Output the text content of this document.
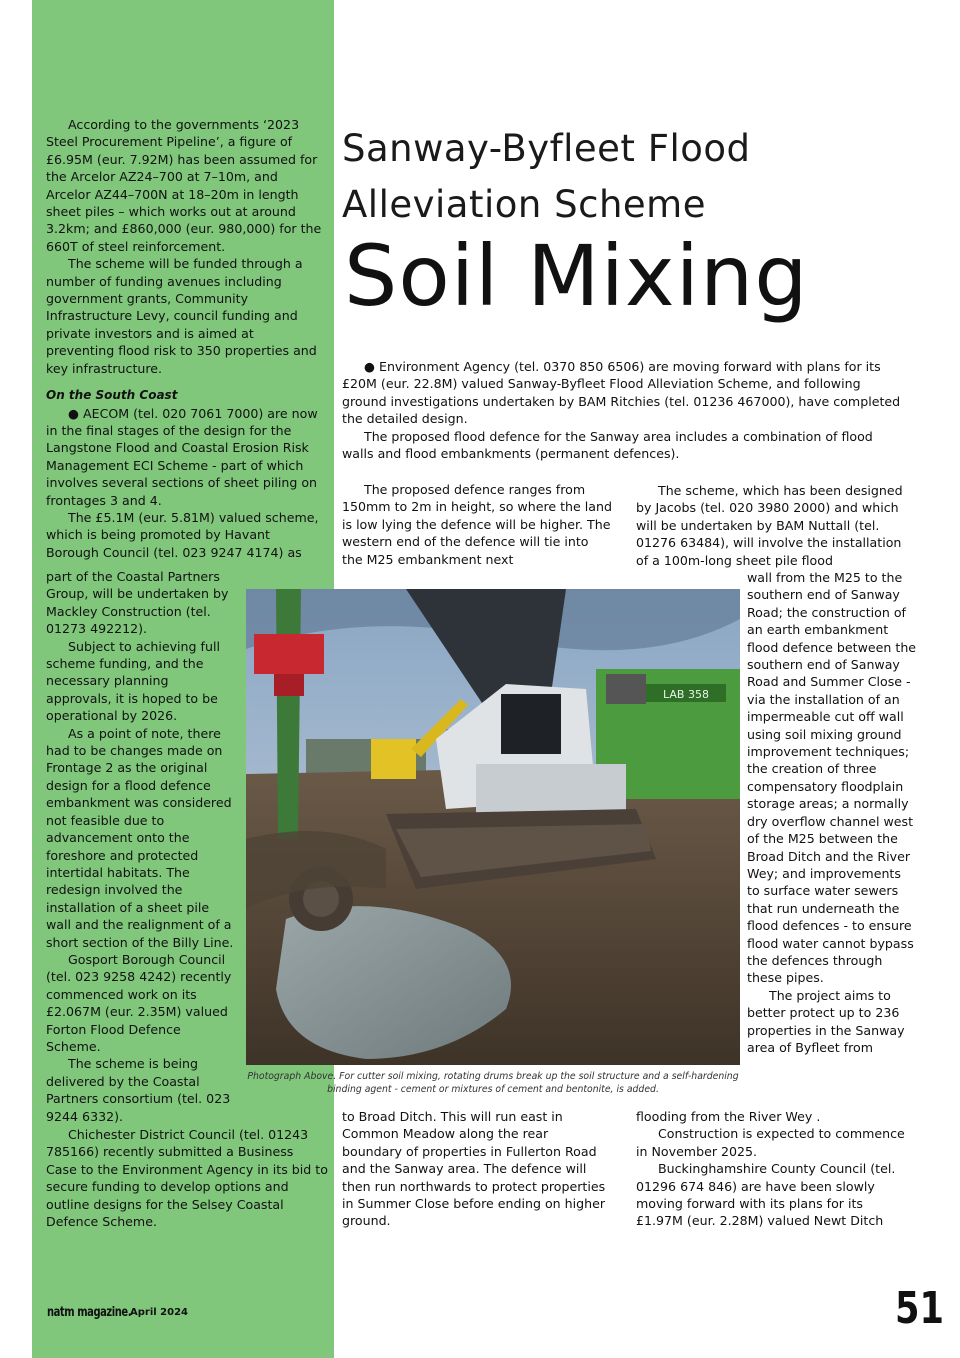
According to the governments ‘2023 Steel Procurement Pipeline’, a figure of £6.95M (eur. 7.92M) has been assumed for the Arcelor AZ24–700 at 7–10m, and Arcelor AZ44–700N at 18–20m in length sheet piles – which works out at around 3.2km; and £860,000 (eur. 980,000) for the 660T of steel reinforcement.

The scheme will be funded through a number of funding avenues including government grants, Community Infrastructure Levy, council funding and private investors and is aimed at preventing flood risk to 350 properties and key infrastructure.

On the South Coast

● AECOM (tel. 020 7061 7000) are now in the final stages of the design for the Langstone Flood and Coastal Erosion Risk Management ECI Scheme - part of which involves several sections of sheet piling on frontages 3 and 4.

The £5.1M (eur. 5.81M) valued scheme, which is being promoted by Havant Borough Council (tel. 023 9247 4174) as

part of the Coastal Partners Group, will be undertaken by Mackley Construction (tel. 01273 492212).

Subject to achieving full scheme funding, and the necessary planning approvals, it is hoped to be operational by 2026.

As a point of note, there had to be changes made on Frontage 2 as the original design for a flood defence embankment was considered not feasible due to advancement onto the foreshore and protected intertidal habitats. The redesign involved the installation of a sheet pile wall and the realignment of a short section of the Billy Line.

Gosport Borough Council (tel. 023 9258 4242) recently commenced work on its £2.067M (eur. 2.35M) valued Forton Flood Defence Scheme.

The scheme is being delivered by the Coastal Partners consortium (tel. 023 9244 6332).

Chichester District Council (tel. 01243 785166) recently submitted a Business Case to the Environment Agency in its bid to secure funding to develop options and outline designs for the Selsey Coastal Defence Scheme.

Sanway-Byfleet Flood
Alleviation Scheme
Soil Mixing

● Environment Agency (tel. 0370 850 6506) are moving forward with plans for its £20M (eur. 22.8M) valued Sanway-Byfleet Flood Alleviation Scheme, and following ground investigations undertaken by BAM Ritchies (tel. 01236 467000), have completed the detailed design.

The proposed flood defence for the Sanway area includes a combination of flood walls and flood embankments (permanent defences).

The proposed defence ranges from 150mm to 2m in height, so where the land is low lying the defence will be higher. The western end of the defence will tie into the M25 embankment next

to Broad Ditch. This will run east in Common Meadow along the rear boundary of properties in Fullerton Road and the Sanway area. The defence will then run northwards to protect properties in Summer Close before ending on higher ground.

The scheme, which has been designed by Jacobs (tel. 020 3980 2000) and which will be undertaken by BAM Nuttall (tel. 01276 63484), will involve the installation of a 100m-long sheet pile flood

wall from the M25 to the southern end of Sanway Road; the construction of an earth embankment flood defence between the southern end of Sanway Road and Summer Close - via the installation of an impermeable cut off wall using soil mixing ground improvement techniques; the creation of three compensatory floodplain storage areas; a normally dry overflow channel west of the M25 between the Broad Ditch and the River Wey; and improvements to surface water sewers that run underneath the flood defences - to ensure flood water cannot bypass the defences through these pipes.

The project aims to better protect up to 236 properties in the Sanway area of Byfleet from

flooding from the River Wey .

Construction is expected to commence in November 2025.

Buckinghamshire County Council (tel. 01296 674 846) are have been slowly moving forward with its plans for its £1.97M (eur. 2.28M) valued Newt Ditch

LAB 358
Photograph Above. For cutter soil mixing, rotating drums break up the soil structure and a self-hardening binding agent - cement or mixtures of cement and bentonite, is added.
natm magazine.
April 2024	51
